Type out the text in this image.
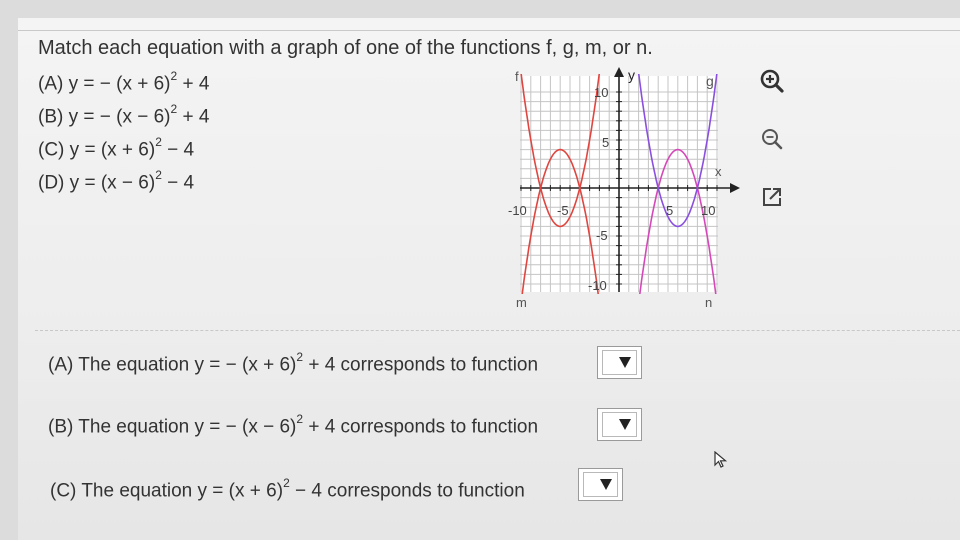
Match each equation with a graph of one of the functions f, g, m, or n.
(A) y = − $(x + 6)^2 + 4$
(B) y = − $(x - 6)^2 + 4$
(C) $y = (x + 6)^2 - 4$
(D) $y = (x - 6)^2 - 4$
f	g
m	n
y
x
-10 -5	5 10
10
5
-5
-10
(A) The equation y = − $(x + 6)^2 + 4$ corresponds to function
(B) The equation y = − $(x - 6)^2 + 4$ corresponds to function
(C) The equation $y = (x + 6)^2 - 4$ corresponds to function
